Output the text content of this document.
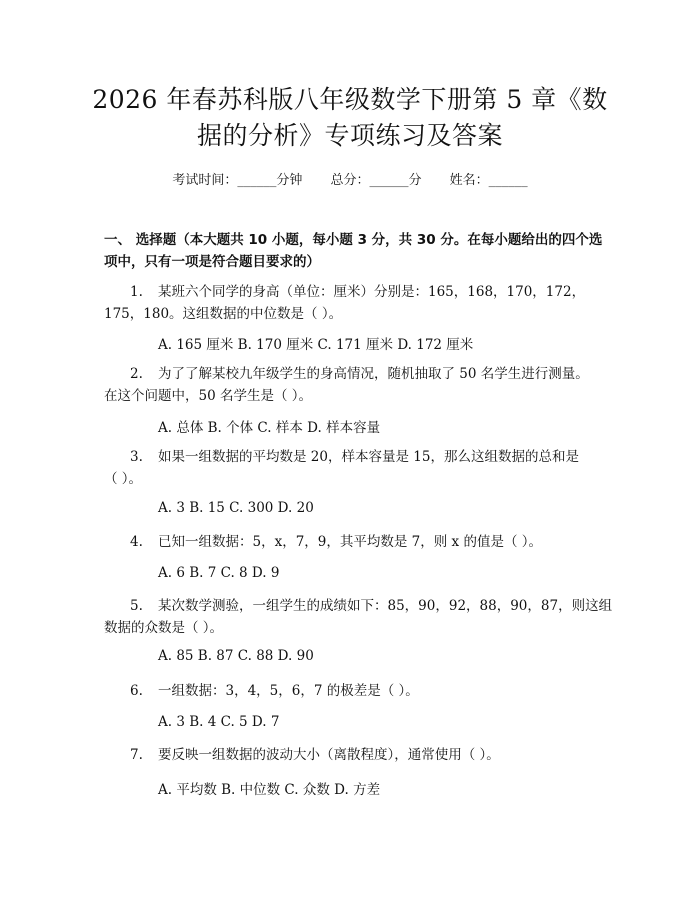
2026 年春苏科版八年级数学下册第 5 章《数
据的分析》专项练习及答案
考试时间：______分钟 总分：______分 姓名：______
一、 选择题（本大题共 10 小题，每小题 3 分，共 30 分。在每小题给出的四个选
项中，只有一项是符合题目要求的）
1. 某班六个同学的身高（单位：厘米）分别是：165，168，170，172，
175，180。这组数据的中位数是（ ）。
A. 165 厘米 B. 170 厘米 C. 171 厘米 D. 172 厘米
2. 为了了解某校九年级学生的身高情况，随机抽取了 50 名学生进行测量。
在这个问题中，50 名学生是（ ）。
A. 总体 B. 个体 C. 样本 D. 样本容量
3. 如果一组数据的平均数是 20，样本容量是 15，那么这组数据的总和是
（ ）。
A. 3 B. 15 C. 300 D. 20
4. 已知一组数据：5，x，7，9，其平均数是 7，则 x 的值是（ ）。
A. 6 B. 7 C. 8 D. 9
5. 某次数学测验，一组学生的成绩如下：85，90，92，88，90，87，则这组
数据的众数是（ ）。
A. 85 B. 87 C. 88 D. 90
6. 一组数据：3，4，5，6，7 的极差是（ ）。
A. 3 B. 4 C. 5 D. 7
7. 要反映一组数据的波动大小（离散程度），通常使用（ ）。
A. 平均数 B. 中位数 C. 众数 D. 方差
